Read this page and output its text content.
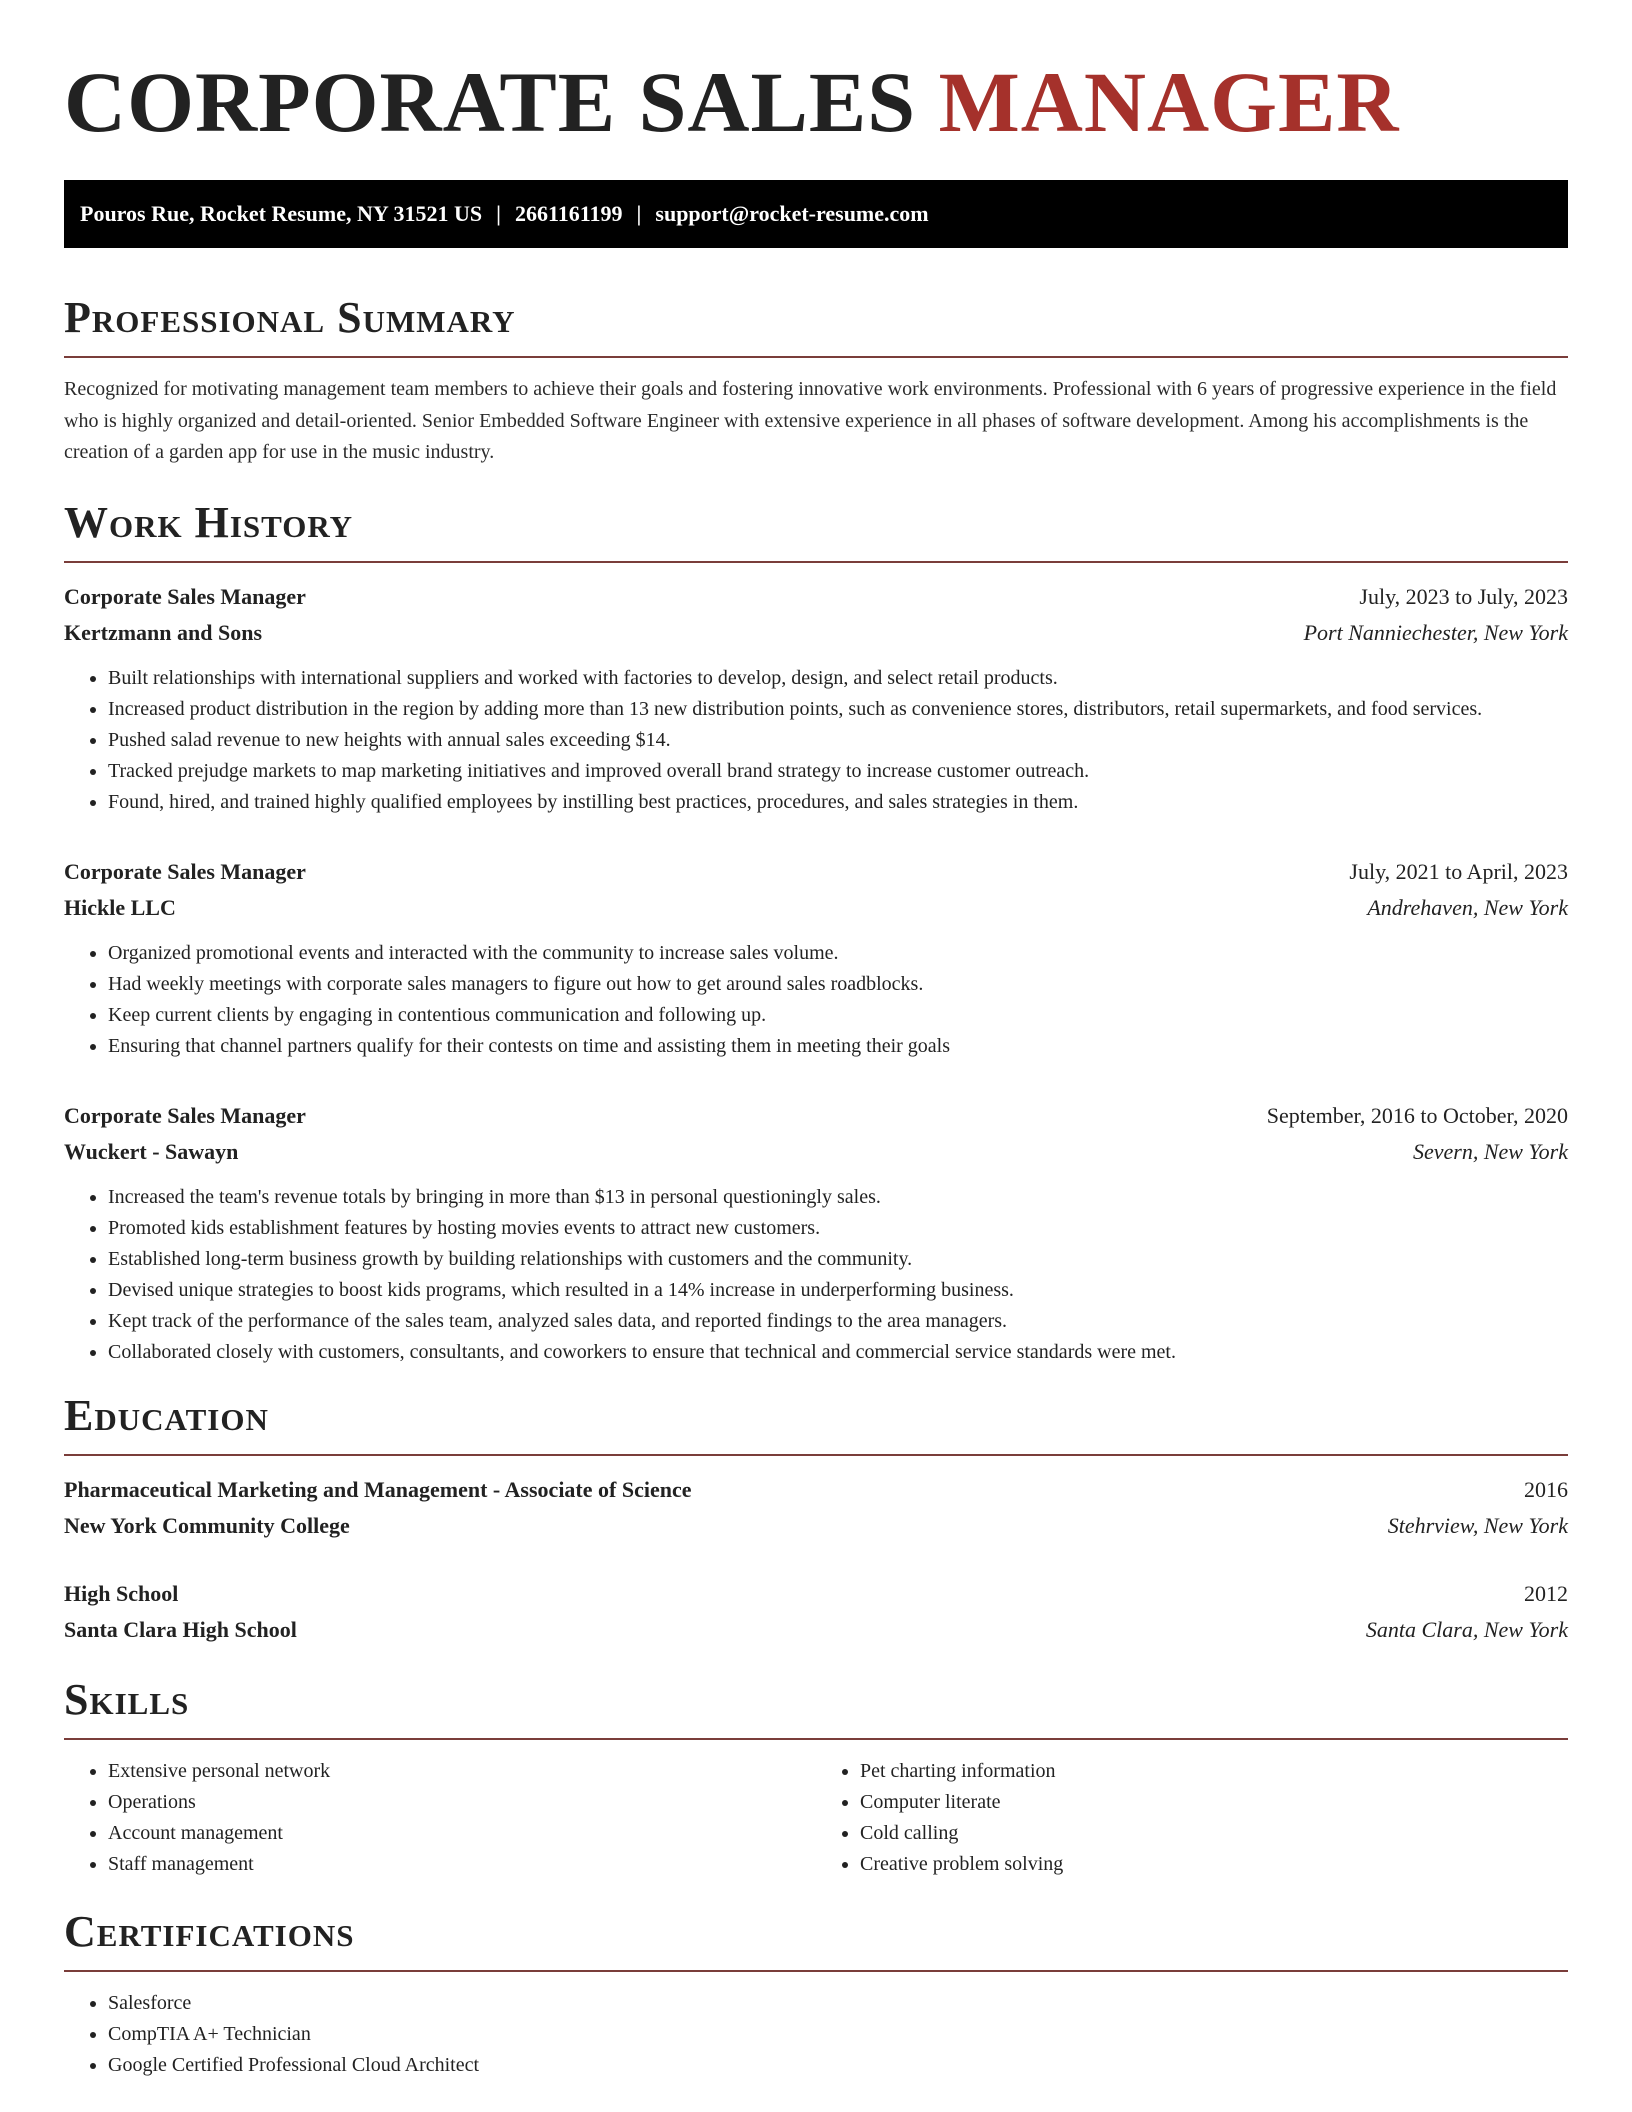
CORPORATE SALES MANAGER
Pouros Rue, Rocket Resume, NY 31521 US | 2661161199 | support@rocket-resume.com
Professional Summary

Recognized for motivating management team members to achieve their goals and fostering innovative work environments. Professional with 6 years of progressive experience in the field who is highly organized and detail-oriented. Senior Embedded Software Engineer with extensive experience in all phases of software development. Among his accomplishments is the creation of a garden app for use in the music industry.

Work History
Corporate Sales Manager	July, 2023 to July, 2023
Kertzmann and Sons	Port Nanniechester, New York
• Built relationships with international suppliers and worked with factories to develop, design, and select retail products.
• Increased product distribution in the region by adding more than 13 new distribution points, such as convenience stores, distributors, retail supermarkets, and food services.
• Pushed salad revenue to new heights with annual sales exceeding $14.
• Tracked prejudge markets to map marketing initiatives and improved overall brand strategy to increase customer outreach.
• Found, hired, and trained highly qualified employees by instilling best practices, procedures, and sales strategies in them.
Corporate Sales Manager	July, 2021 to April, 2023
Hickle LLC	Andrehaven, New York
• Organized promotional events and interacted with the community to increase sales volume.
• Had weekly meetings with corporate sales managers to figure out how to get around sales roadblocks.
• Keep current clients by engaging in contentious communication and following up.
• Ensuring that channel partners qualify for their contests on time and assisting them in meeting their goals
Corporate Sales Manager	September, 2016 to October, 2020
Wuckert - Sawayn	Severn, New York
• Increased the team's revenue totals by bringing in more than $13 in personal questioningly sales.
• Promoted kids establishment features by hosting movies events to attract new customers.
• Established long-term business growth by building relationships with customers and the community.
• Devised unique strategies to boost kids programs, which resulted in a 14% increase in underperforming business.
• Kept track of the performance of the sales team, analyzed sales data, and reported findings to the area managers.
• Collaborated closely with customers, consultants, and coworkers to ensure that technical and commercial service standards were met.
Education
Pharmaceutical Marketing and Management - Associate of Science	2016
New York Community College	Stehrview, New York
High School	2012
Santa Clara High School	Santa Clara, New York
Skills
• Extensive personal network
• Operations
• Account management
• Staff management
• Pet charting information
• Computer literate
• Cold calling
• Creative problem solving
Certifications
• Salesforce
• CompTIA A+ Technician
• Google Certified Professional Cloud Architect
